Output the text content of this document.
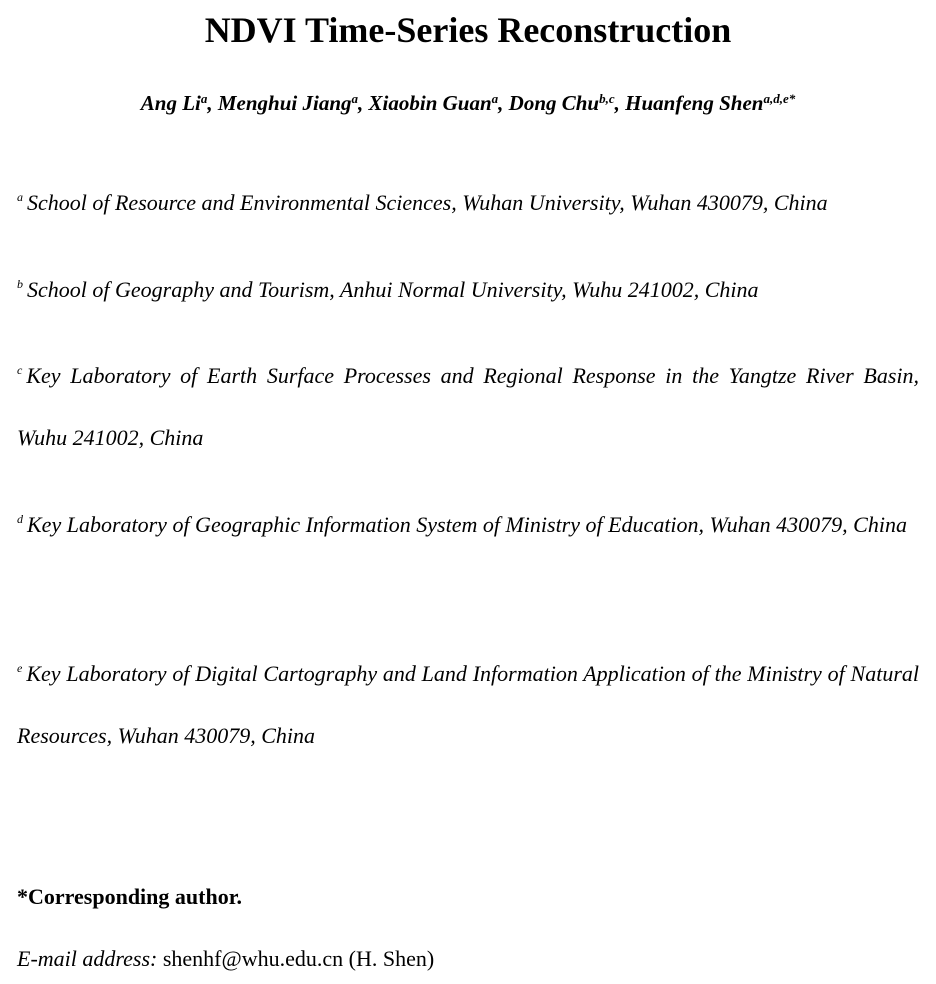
NDVI Time-Series Reconstruction
Ang Li$^a$, Menghui Jiang$^a$, Xiaobin Guan$^a$, Dong Chu$^{b,c}$, Huanfeng Shen$^{a,d,e*}$
$^a$ School of Resource and Environmental Sciences, Wuhan University, Wuhan 430079, China
$^b$ School of Geography and Tourism, Anhui Normal University, Wuhu 241002, China
$^c$ Key Laboratory of Earth Surface Processes and Regional Response in the Yangtze River Basin, Wuhu 241002, China
$^d$ Key Laboratory of Geographic Information System of Ministry of Education, Wuhan 430079, China
$^e$ Key Laboratory of Digital Cartography and Land Information Application of the Ministry of Natural Resources, Wuhan 430079, China
*Corresponding author.
E-mail address: shenhf@whu.edu.cn (H. Shen)
